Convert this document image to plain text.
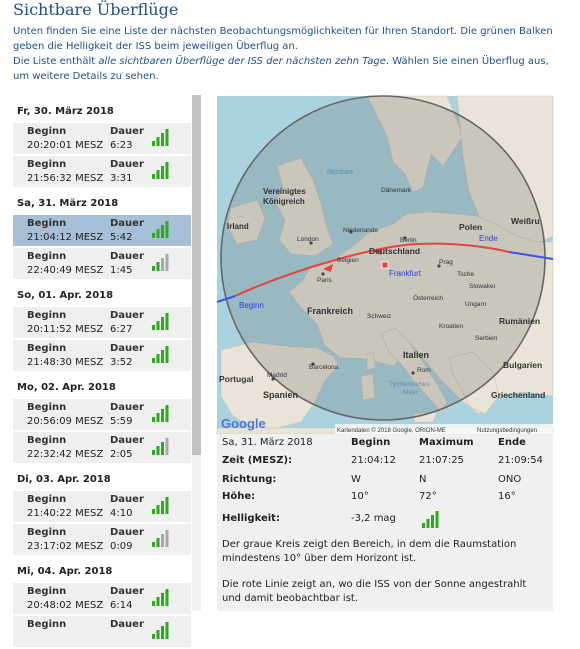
Sichtbare Überflüge

Unten finden Sie eine Liste der nächsten Beobachtungsmöglichkeiten für Ihren Standort. Die grünen Balken geben die Helligkeit der ISS beim jeweiligen Überflug an.

Die Liste enthält alle sichtbaren Überflüge der ISS der nächsten zehn Tage. Wählen Sie einen Überflug aus, um weitere Details zu sehen.

Fr, 30. März 2018
Beginn	Dauer
20:20:01 MESZ 6:23
Beginn	Dauer
21:56:32 MESZ 3:31
Sa, 31. März 2018
Beginn	Dauer
21:04:12 MESZ 5:42
Beginn	Dauer
22:40:49 MESZ 1:45
So, 01. Apr. 2018
Beginn	Dauer
20:11:52 MESZ 6:27
Beginn	Dauer
21:48:30 MESZ 3:52
Mo, 02. Apr. 2018
Beginn	Dauer
20:56:09 MESZ 5:59
Beginn	Dauer
22:32:42 MESZ 2:05
Di, 03. Apr. 2018
Beginn	Dauer
21:40:22 MESZ 4:10
Beginn	Dauer
23:17:02 MESZ 0:09
Mi, 04. Apr. 2018
Beginn	Dauer
20:48:02 MESZ 6:14
Beginn	Dauer
Nordsee
Vereinigtes
Königreich
Irland
London
Dänemark
Niederlande
Deutschland
Berlin
Polen
Weißru
Belgien	Prag
Paris
Frankfurt	Tsche
Slowakei
Österreich
Ungarn
Frankreich
Schweiz	Rumänien
Kroatien
Serbien
Italien
Bulgarien
Portugal Madrid
Barcelona
Spanien
Rom
Tyrrhenisches
Meer	Griechenland
Beginn
Ende
Google	Kartendaten © 2018 Google, ORION-ME	Nutzungsbedingungen
Sa, 31. März 2018	Beginn	Maximum Ende
Zeit (MESZ):	21:04:12 21:07:25	21:09:54
Richtung:	W	N	ONO
Höhe:	10°	72°	16°
Helligkeit:	-3,2 mag

Der graue Kreis zeigt den Bereich, in dem die Raumstation mindestens 10° über dem Horizont ist.

Die rote Linie zeigt an, wo die ISS von der Sonne angestrahlt und damit beobachtbar ist.
